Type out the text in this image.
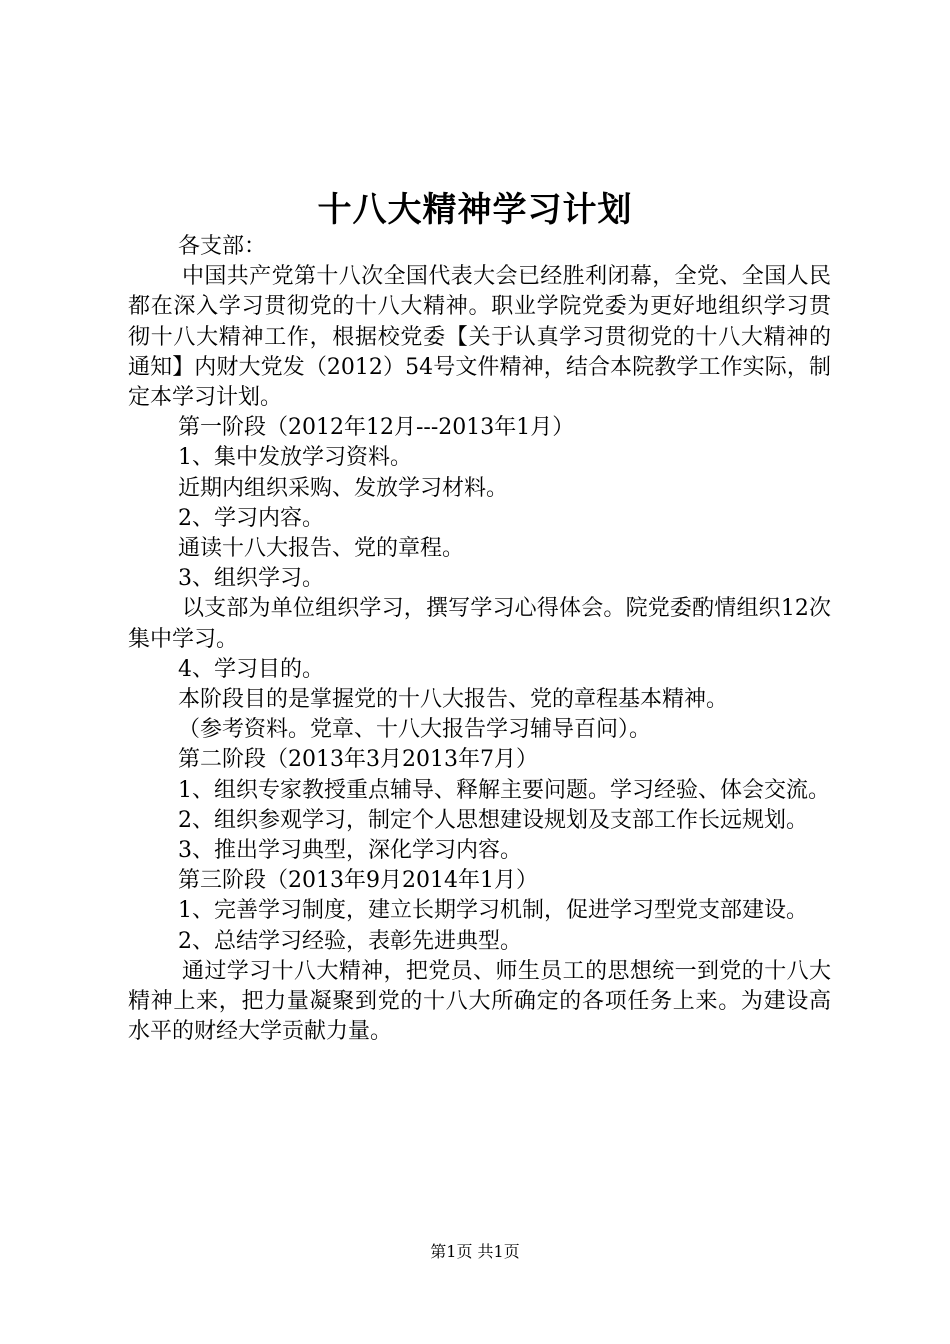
十八大精神学习计划

各支部：

中国共产党第十八次全国代表大会已经胜利闭幕，全党、全国人民都在深入学习贯彻党的十八大精神。职业学院党委为更好地组织学习贯彻十八大精神工作，根据校党委【关于认真学习贯彻党的十八大精神的通知】内财大党发（2012）54号文件精神，结合本院教学工作实际，制定本学习计划。

第一阶段（2012年12月---2013年1月）

1、集中发放学习资料。

近期内组织采购、发放学习材料。

2、学习内容。

通读十八大报告、党的章程。

3、组织学习。

以支部为单位组织学习，撰写学习心得体会。院党委酌情组织12次集中学习。

4、学习目的。

本阶段目的是掌握党的十八大报告、党的章程基本精神。

（参考资料。党章、十八大报告学习辅导百问）。

第二阶段（2013年3月2013年7月）

1、组织专家教授重点辅导、释解主要问题。学习经验、体会交流。

2、组织参观学习，制定个人思想建设规划及支部工作长远规划。

3、推出学习典型，深化学习内容。

第三阶段（2013年9月2014年1月）

1、完善学习制度，建立长期学习机制，促进学习型党支部建设。

2、总结学习经验，表彰先进典型。

通过学习十八大精神，把党员、师生员工的思想统一到党的十八大精神上来，把力量凝聚到党的十八大所确定的各项任务上来。为建设高水平的财经大学贡献力量。

第1页 共1页
